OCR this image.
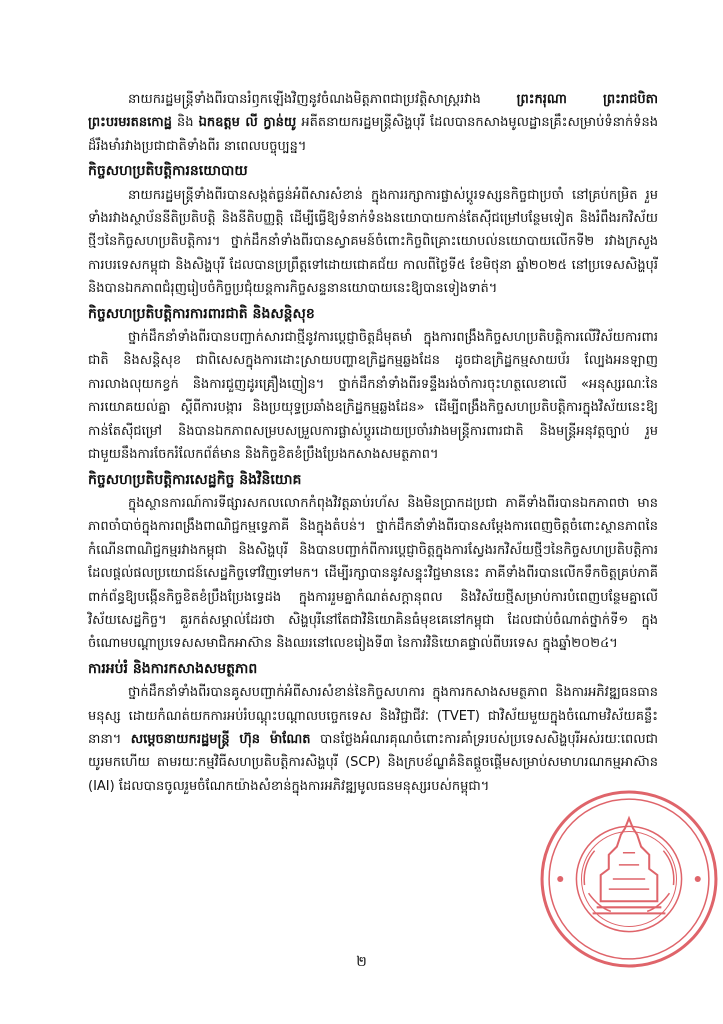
នាយករដ្ឋមន្ត្រីទាំងពីរបានរំឭកឡើងវិញនូវចំណងមិត្តភាពជាប្រវត្តិសាស្ត្ររវាង ព្រះករុណា ព្រះរាជបិតា ព្រះបរមរតនកោដ្ឋ និង ឯកឧត្តម លី ក្វាន់យូ អតីតនាយករដ្ឋមន្ត្រីសិង្ហបុរី ដែលបានកសាងមូលដ្ឋានគ្រឹះសម្រាប់ទំនាក់ទំនងដ៏រឹងមាំរវាងប្រជាជាតិទាំងពីរ នាពេលបច្ចុប្បន្ន។

កិច្ចសហប្រតិបត្តិការនយោបាយ

នាយករដ្ឋមន្ត្រីទាំងពីរបានសង្កត់ធ្ងន់អំពីសារសំខាន់ ក្នុងការរក្សាការផ្លាស់ប្តូរទស្សនកិច្ចជាប្រចាំ នៅគ្រប់កម្រិត រួមទាំងរវាងស្ថាប័ននីតិប្រតិបត្តិ និងនីតិបញ្ញត្តិ ដើម្បីធ្វើឱ្យទំនាក់ទំនងនយោបាយកាន់តែស៊ីជម្រៅបន្ថែមទៀត និងរំពឹងរកវិស័យថ្មីៗនៃកិច្ចសហប្រតិបត្តិការ។ ថ្នាក់ដឹកនាំទាំងពីរបានស្វាគមន៍ចំពោះកិច្ចពិគ្រោះយោបល់នយោបាយលើកទី២ រវាងក្រសួងការបរទេសកម្ពុជា និងសិង្ហបុរី ដែលបានប្រព្រឹត្តទៅដោយជោគជ័យ កាលពីថ្ងៃទី៥ ខែមិថុនា ឆ្នាំ២០២៥ នៅប្រទេសសិង្ហបុរី និងបានឯកភាពជំរុញរៀបចំកិច្ចប្រជុំយន្តការកិច្ចសន្ទនានយោបាយនេះឱ្យបានទៀងទាត់។

កិច្ចសហប្រតិបត្តិការការពារជាតិ និងសន្តិសុខ

ថ្នាក់ដឹកនាំទាំងពីរបានបញ្ជាក់សារជាថ្មីនូវការប្តេជ្ញាចិត្តដ៏មុតមាំ ក្នុងការពង្រឹងកិច្ចសហប្រតិបត្តិការលើវិស័យការពារជាតិ និងសន្តិសុខ ជាពិសេសក្នុងការដោះស្រាយបញ្ហាឧក្រិដ្ឋកម្មឆ្លងដែន ដូចជាឧក្រិដ្ឋកម្មសាយប័រ ល្បែងអនឡាញ ការលាងលុយកខ្វក់ និងការជួញដូរគ្រឿងញៀន។ ថ្នាក់ដឹកនាំទាំងពីរទន្ទឹងរង់ចាំការចុះហត្ថលេខាលើ «អនុស្សរណៈនៃការយោគយល់គ្នា ស្តីពីការបង្ការ និងប្រយុទ្ធប្រឆាំងឧក្រិដ្ឋកម្មឆ្លងដែន» ដើម្បីពង្រឹងកិច្ចសហប្រតិបត្តិការក្នុងវិស័យនេះឱ្យកាន់តែស៊ីជម្រៅ និងបានឯកភាពសម្របសម្រួលការផ្លាស់ប្តូរដោយប្រចាំរវាងមន្ត្រីការពារជាតិ និងមន្ត្រីអនុវត្តច្បាប់ រួមជាមួយនឹងការចែករំលែកព័ត៌មាន និងកិច្ចខិតខំប្រឹងប្រែងកសាងសមត្ថភាព។

កិច្ចសហប្រតិបត្តិការសេដ្ឋកិច្ច និងវិនិយោគ

ក្នុងស្ថានការណ៍ការទីផ្សារសកលលោកកំពុងវិវត្តឆាប់រហ័ស និងមិនប្រាកដប្រជា ភាគីទាំងពីរបានឯកភាពថា មានភាពចាំបាច់ក្នុងការពង្រឹងពាណិជ្ជកម្មទ្វេភាគី និងក្នុងតំបន់។ ថ្នាក់ដឹកនាំទាំងពីរបានសម្តែងការពេញចិត្តចំពោះស្ថានភាពនៃកំណើនពាណិជ្ជកម្មរវាងកម្ពុជា និងសិង្ហបុរី និងបានបញ្ជាក់ពីការប្តេជ្ញាចិត្តក្នុងការស្វែងរកវិស័យថ្មីៗនៃកិច្ចសហប្រតិបត្តិការ ដែលផ្តល់ផលប្រយោជន៍សេដ្ឋកិច្ចទៅវិញទៅមក។ ដើម្បីរក្សាបាននូវសន្ទុះវិជ្ជមាននេះ ភាគីទាំងពីរបានលើកទឹកចិត្តគ្រប់ភាគីពាក់ព័ន្ធឱ្យបង្កើនកិច្ចខិតខំប្រឹងប្រែងទ្វេដង ក្នុងការរួមគ្នាកំណត់សក្តានុពល និងវិស័យថ្មីសម្រាប់ការបំពេញបន្ថែមគ្នាលើវិស័យសេដ្ឋកិច្ច។ គួរកត់សម្គាល់ដែរថា សិង្ហបុរីនៅតែជាវិនិយោគិនធំមុខគេនៅកម្ពុជា ដែលជាប់ចំណាត់ថ្នាក់ទី១ ក្នុងចំណោមបណ្តាប្រទេសសមាជិកអាស៊ាន និងឈរនៅលេខរៀងទី៣ នៃការវិនិយោគផ្ទាល់ពីបរទេស ក្នុងឆ្នាំ២០២៤។

ការអប់រំ និងការកសាងសមត្ថភាព

ថ្នាក់ដឹកនាំទាំងពីរបានគូសបញ្ជាក់អំពីសារសំខាន់នៃកិច្ចសហការ ក្នុងការកសាងសមត្ថភាព និងការអភិវឌ្ឍធនធានមនុស្ស ដោយកំណត់យកការអប់រំបណ្តុះបណ្តាលបច្ចេកទេស និងវិជ្ជាជីវៈ (TVET) ជាវិស័យមួយក្នុងចំណោមវិស័យគន្លឹះនានា។ សម្តេចនាយករដ្ឋមន្ត្រី ហ៊ុន ម៉ាណែត បានថ្លែងអំណរគុណចំពោះការគាំទ្ររបស់ប្រទេសសិង្ហបុរីអស់រយៈពេលជាយូរមកហើយ តាមរយៈកម្មវិធីសហប្រតិបត្តិការសិង្ហបុរី (SCP) និងក្របខ័ណ្ឌគំនិតផ្តួចផ្តើមសម្រាប់សមាហរណកម្មអាស៊ាន (IAI) ដែលបានចូលរួមចំណែកយ៉ាងសំខាន់ក្នុងការអភិវឌ្ឍមូលធនមនុស្សរបស់កម្ពុជា។

២
